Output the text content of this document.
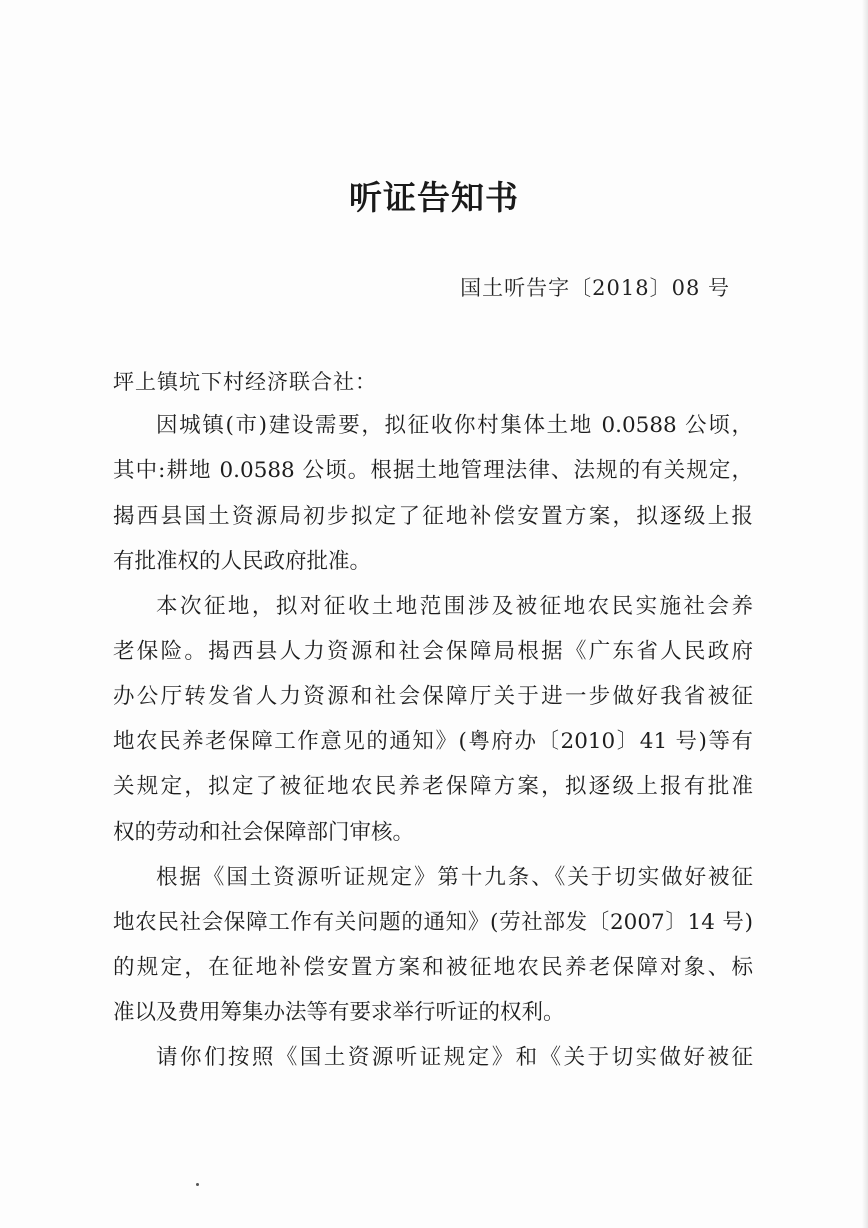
听证告知书
国土听告字〔2018〕08 号
坪上镇坑下村经济联合社：
因城镇(市)建设需要，拟征收你村集体土地 0.0588 公顷，
其中:耕地 0.0588 公顷。根据土地管理法律、法规的有关规定，
揭西县国土资源局初步拟定了征地补偿安置方案，拟逐级上报
有批准权的人民政府批准。
本次征地，拟对征收土地范围涉及被征地农民实施社会养
老保险。揭西县人力资源和社会保障局根据《广东省人民政府
办公厅转发省人力资源和社会保障厅关于进一步做好我省被征
地农民养老保障工作意见的通知》(粤府办〔2010〕41 号)等有
关规定，拟定了被征地农民养老保障方案，拟逐级上报有批准
权的劳动和社会保障部门审核。
根据《国土资源听证规定》第十九条、《关于切实做好被征
地农民社会保障工作有关问题的通知》(劳社部发〔2007〕14 号)
的规定，在征地补偿安置方案和被征地农民养老保障对象、标
准以及费用筹集办法等有要求举行听证的权利。
请你们按照《国土资源听证规定》和《关于切实做好被征
